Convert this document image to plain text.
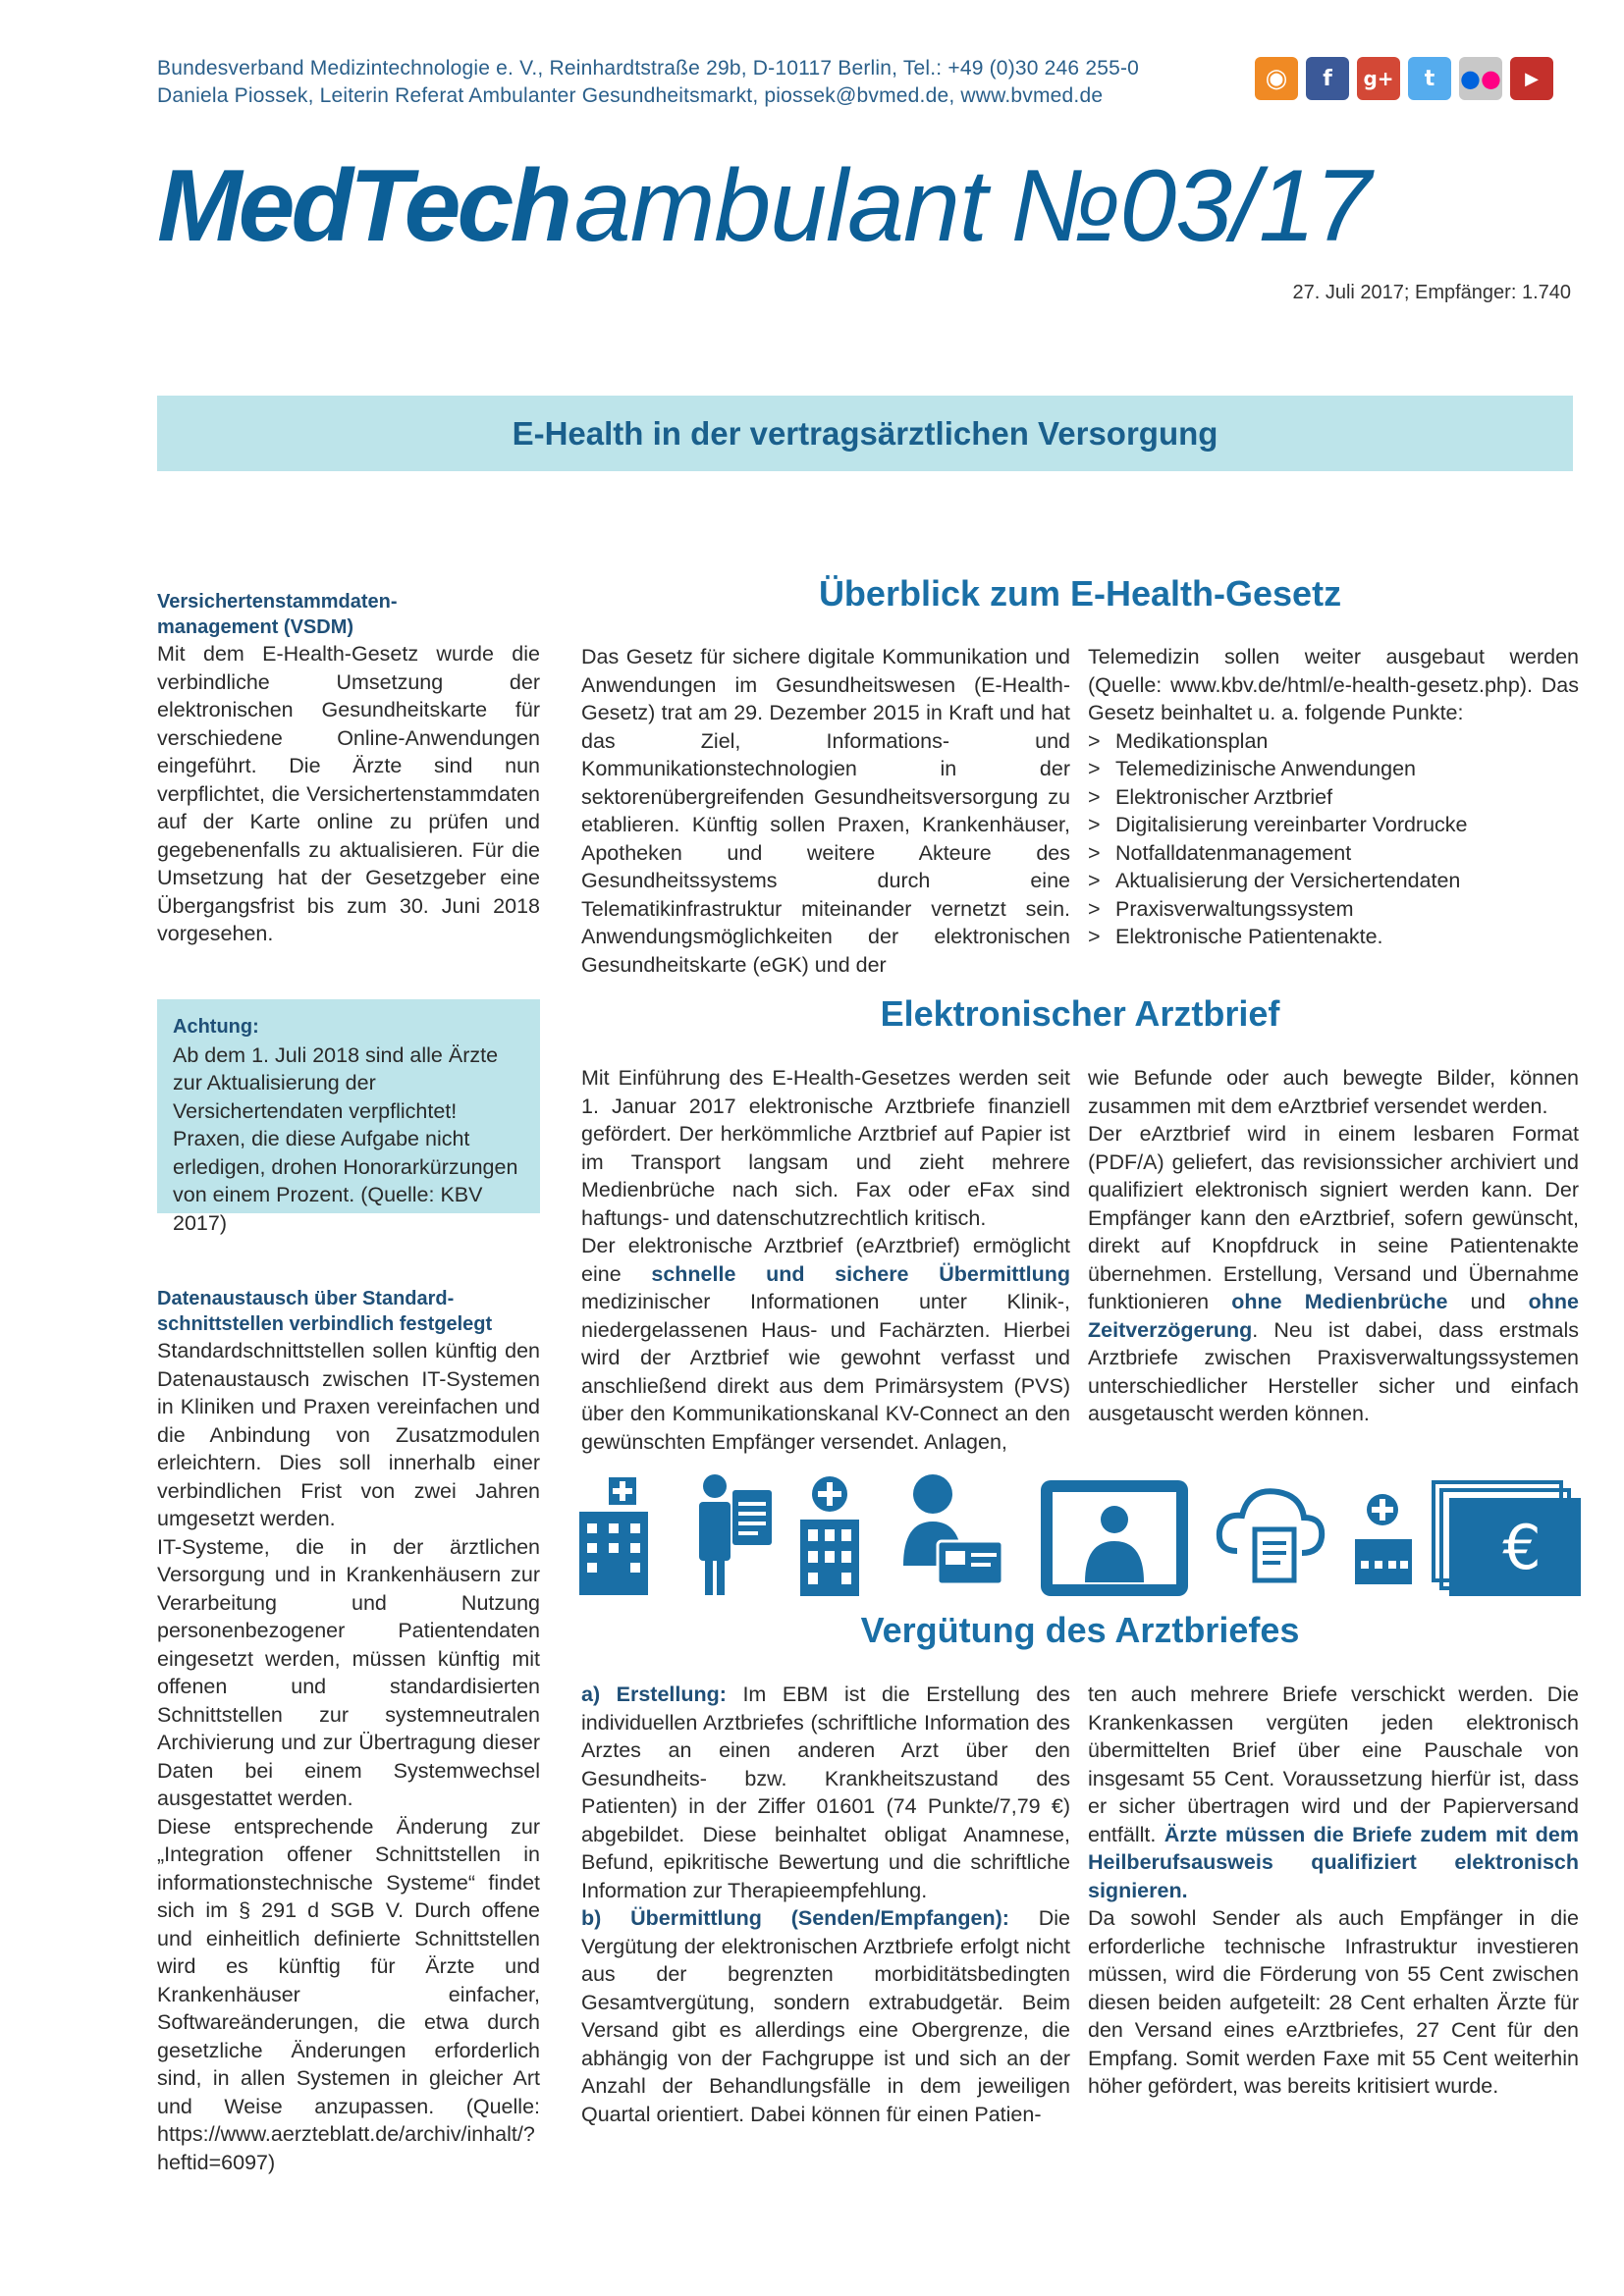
Bundesverband Medizintechnologie e. V., Reinhardtstraße 29b, D-10117 Berlin, Tel.: +49 (0)30 246 255-0
Daniela Piossek, Leiterin Referat Ambulanter Gesundheitsmarkt, piossek@bvmed.de, www.bvmed.de
◉	f	g+	t	● ●	▶
MedTechambulant №03/17
27. Juli 2017; Empfänger: 1.740
E-Health in der vertragsärztlichen Versorgung
Versichertenstammdaten-
management (VSDM)

Mit dem E-Health-Gesetz wurde die verbindliche Umsetzung der elektronischen Gesundheitskarte für verschiedene Online-Anwendungen eingeführt. Die Ärzte sind nun verpflichtet, die Versichertenstammdaten auf der Karte online zu prüfen und gegebenenfalls zu aktualisieren. Für die Umsetzung hat der Gesetzgeber eine Übergangsfrist bis zum 30. Juni 2018 vorgesehen.

Achtung:
Ab dem 1. Juli 2018 sind alle Ärzte zur Aktualisierung der Versichertendaten verpflichtet! Praxen, die diese Aufgabe nicht erledigen, drohen Honorarkürzungen von einem Prozent. (Quelle: KBV 2017)
Datenaustausch über Standard-
schnittstellen verbindlich festgelegt

Standardschnittstellen sollen künftig den Datenaustausch zwischen IT-Systemen in Kliniken und Praxen vereinfachen und die Anbindung von Zusatzmodulen erleichtern. Dies soll innerhalb einer verbindlichen Frist von zwei Jahren umgesetzt werden.

IT-Systeme, die in der ärztlichen Versorgung und in Krankenhäusern zur Verarbeitung und Nutzung personenbezogener Patientendaten eingesetzt werden, müssen künftig mit offenen und standardisierten Schnittstellen zur systemneutralen Archivierung und zur Übertragung dieser Daten bei einem Systemwechsel ausgestattet werden.

Diese entsprechende Änderung zur „Integration offener Schnittstellen in informationstechnische Systeme“ findet sich im § 291 d SGB V. Durch offene und einheitlich definierte Schnittstellen wird es künftig für Ärzte und Krankenhäuser einfacher, Softwareänderungen, die etwa durch gesetzliche Änderungen erforderlich sind, in allen Systemen in gleicher Art und Weise anzupassen. (Quelle: https://www.aerzteblatt.de/archiv/inhalt/?heftid=6097)

Überblick zum E-Health-Gesetz
Das Gesetz für sichere digitale Kommunikation und Anwendungen im Gesundheitswesen (E-Health-Gesetz) trat am 29. Dezember 2015 in Kraft und hat das Ziel, Informations- und Kommunikationstechnologien in der sektorenübergreifenden Gesundheitsversorgung zu etablieren. Künftig sollen Praxen, Krankenhäuser, Apotheken und weitere Akteure des Gesundheitssystems durch eine Telematikinfrastruktur miteinander vernetzt sein. Anwendungsmöglichkeiten der elektronischen Gesundheitskarte (eGK) und der

Telemedizin sollen weiter ausgebaut werden (Quelle: www.kbv.de/html/e-health-gesetz.php). Das Gesetz beinhaltet u. a. folgende Punkte:

> Medikationsplan
> Telemedizinische Anwendungen
> Elektronischer Arztbrief
> Digitalisierung vereinbarter Vordrucke
> Notfalldatenmanagement
> Aktualisierung der Versichertendaten
> Praxisverwaltungssystem
> Elektronische Patientenakte.
Elektronischer Arztbrief

Mit Einführung des E-Health-Gesetzes werden seit 1. Januar 2017 elektronische Arztbriefe finanziell gefördert. Der herkömmliche Arztbrief auf Papier ist im Transport langsam und zieht mehrere Medienbrüche nach sich. Fax oder eFax sind haftungs- und datenschutzrechtlich kritisch.

Der elektronische Arztbrief (eArztbrief) ermöglicht eine schnelle und sichere Übermittlung medizinischer Informationen unter Klinik-, niedergelassenen Haus- und Fachärzten. Hierbei wird der Arztbrief wie gewohnt verfasst und anschließend direkt aus dem Primärsystem (PVS) über den Kommunikationskanal KV-Connect an den gewünschten Empfänger versendet. Anlagen,

wie Befunde oder auch bewegte Bilder, können zusammen mit dem eArztbrief versendet werden.

Der eArztbrief wird in einem lesbaren Format (PDF/A) geliefert, das revisionssicher archiviert und qualifiziert elektronisch signiert werden kann. Der Empfänger kann den eArztbrief, sofern gewünscht, direkt auf Knopfdruck in seine Patientenakte übernehmen. Erstellung, Versand und Übernahme funktionieren ohne Medienbrüche und ohne Zeitverzögerung. Neu ist dabei, dass erstmals Arztbriefe zwischen Praxisverwaltungssystemen unterschiedlicher Hersteller sicher und einfach ausgetauscht werden können.

€
Vergütung des Arztbriefes

a) Erstellung: Im EBM ist die Erstellung des individuellen Arztbriefes (schriftliche Information des Arztes an einen anderen Arzt über den Gesundheits- bzw. Krankheitszustand des Patienten) in der Ziffer 01601 (74 Punkte/7,79 €) abgebildet. Diese beinhaltet obligat Anamnese, Befund, epikritische Bewertung und die schriftliche Information zur Therapieempfehlung.

b) Übermittlung (Senden/Empfangen): Die Vergütung der elektronischen Arztbriefe erfolgt nicht aus der begrenzten morbiditätsbedingten Gesamtvergütung, sondern extrabudgetär. Beim Versand gibt es allerdings eine Obergrenze, die abhängig von der Fachgruppe ist und sich an der Anzahl der Behandlungsfälle in dem jeweiligen Quartal orientiert. Dabei können für einen Patien-

ten auch mehrere Briefe verschickt werden. Die Krankenkassen vergüten jeden elektronisch übermittelten Brief über eine Pauschale von insgesamt 55 Cent. Voraussetzung hierfür ist, dass er sicher übertragen wird und der Papierversand entfällt. Ärzte müssen die Briefe zudem mit dem Heilberufsausweis qualifiziert elektronisch signieren.

Da sowohl Sender als auch Empfänger in die erforderliche technische Infrastruktur investieren müssen, wird die Förderung von 55 Cent zwischen diesen beiden aufgeteilt: 28 Cent erhalten Ärzte für den Versand eines eArztbriefes, 27 Cent für den Empfang. Somit werden Faxe mit 55 Cent weiterhin höher gefördert, was bereits kritisiert wurde.
